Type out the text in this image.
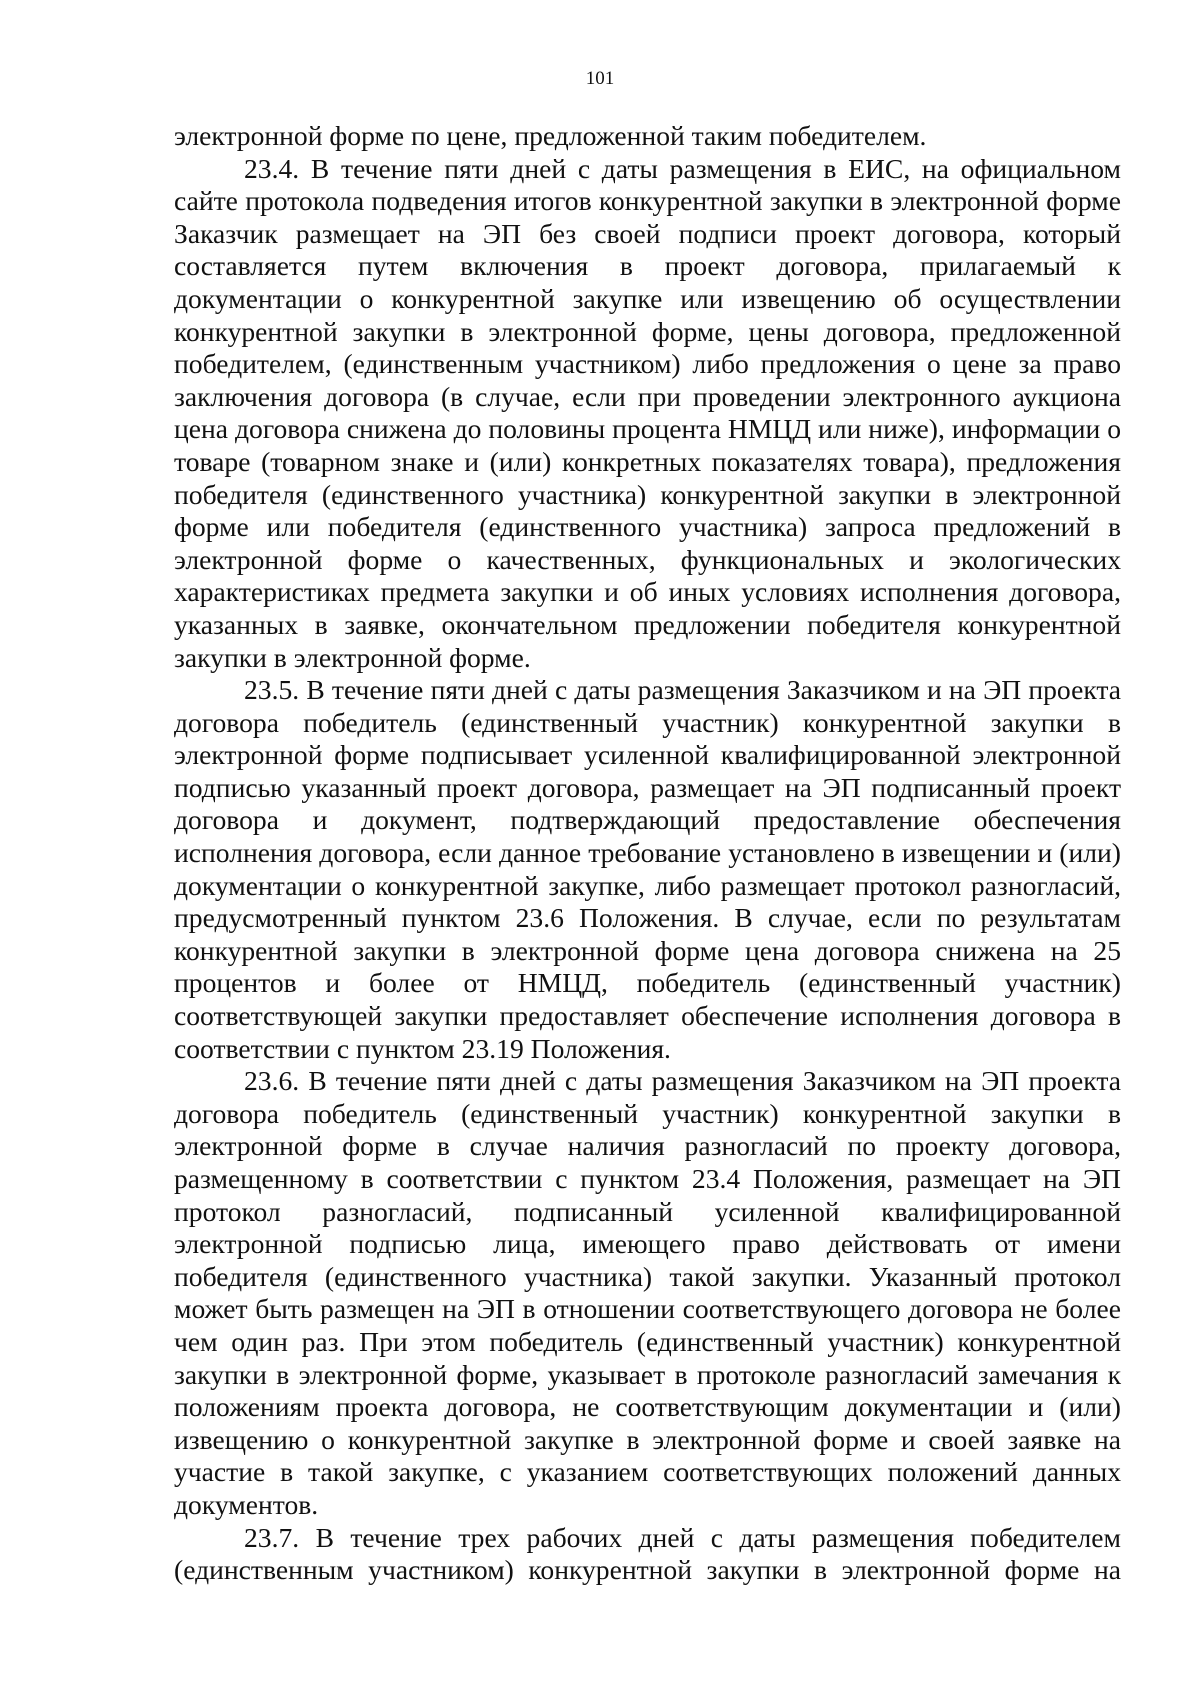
101

электронной форме по цене, предложенной таким победителем.

23.4. В течение пяти дней с даты размещения в ЕИС, на официальном сайте протокола подведения итогов конкурентной закупки в электронной форме Заказчик размещает на ЭП без своей подписи проект договора, который составляется путем включения в проект договора, прилагаемый к документации о конкурентной закупке или извещению об осуществлении конкурентной закупки в электронной форме, цены договора, предложенной победителем, (единственным участником) либо предложения о цене за право заключения договора (в случае, если при проведении электронного аукциона цена договора снижена до половины процента НМЦД или ниже), информации о товаре (товарном знаке и (или) конкретных показателях товара), предложения победителя (единственного участника) конкурентной закупки в электронной форме или победителя (единственного участника) запроса предложений в электронной форме о качественных, функциональных и экологических характеристиках предмета закупки и об иных условиях исполнения договора, указанных в заявке, окончательном предложении победителя конкурентной закупки в электронной форме.

23.5. В течение пяти дней с даты размещения Заказчиком и на ЭП проекта договора победитель (единственный участник) конкурентной закупки в электронной форме подписывает усиленной квалифицированной электронной подписью указанный проект договора, размещает на ЭП подписанный проект договора и документ, подтверждающий предоставление обеспечения исполнения договора, если данное требование установлено в извещении и (или) документации о конкурентной закупке, либо размещает протокол разногласий, предусмотренный пунктом 23.6 Положения. В случае, если по результатам конкурентной закупки в электронной форме цена договора снижена на 25 процентов и более от НМЦД, победитель (единственный участник) соответствующей закупки предоставляет обеспечение исполнения договора в соответствии с пунктом 23.19 Положения.

23.6. В течение пяти дней с даты размещения Заказчиком на ЭП проекта договора победитель (единственный участник) конкурентной закупки в электронной форме в случае наличия разногласий по проекту договора, размещенному в соответствии с пунктом 23.4 Положения, размещает на ЭП протокол разногласий, подписанный усиленной квалифицированной электронной подписью лица, имеющего право действовать от имени победителя (единственного участника) такой закупки. Указанный протокол может быть размещен на ЭП в отношении соответствующего договора не более чем один раз. При этом победитель (единственный участник) конкурентной закупки в электронной форме, указывает в протоколе разногласий замечания к положениям проекта договора, не соответствующим документации и (или) извещению о конкурентной закупке в электронной форме и своей заявке на участие в такой закупке, с указанием соответствующих положений данных документов.

23.7. В течение трех рабочих дней с даты размещения победителем (единственным участником) конкурентной закупки в электронной форме на
